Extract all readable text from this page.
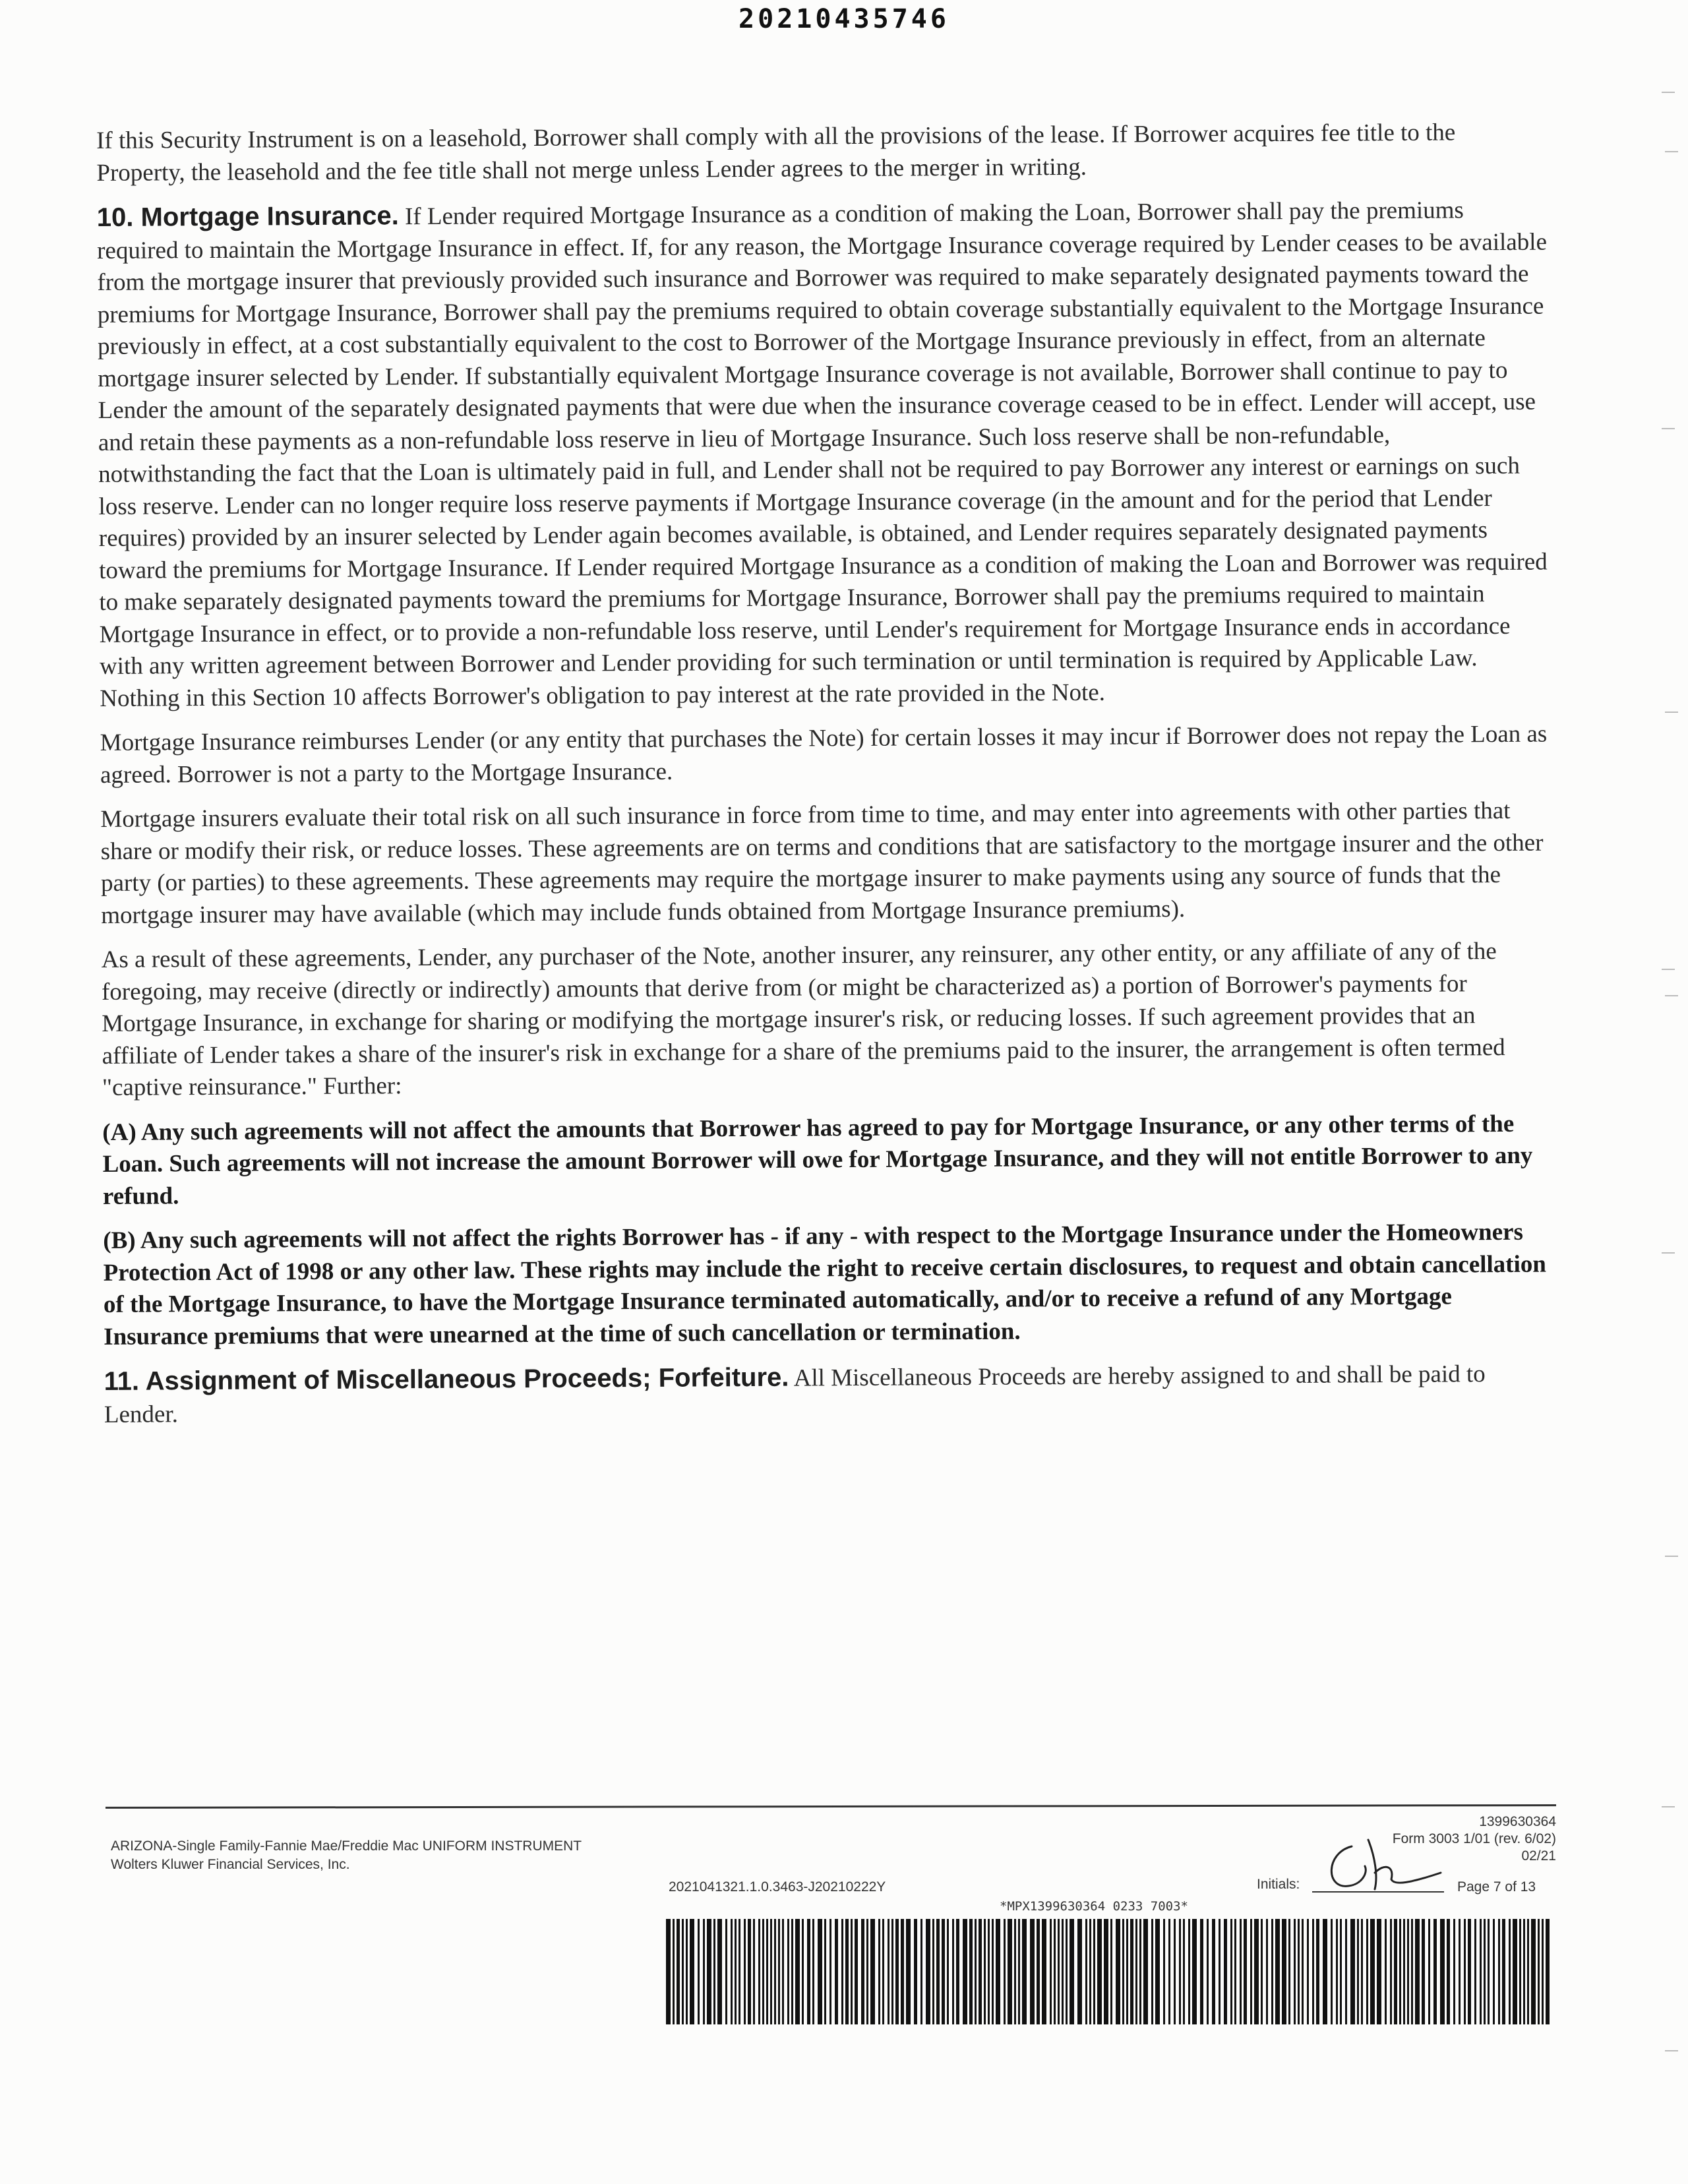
20210435746

If this Security Instrument is on a leasehold, Borrower shall comply with all the provisions of the lease. If Borrower acquires fee title to the Property, the leasehold and the fee title shall not merge unless Lender agrees to the merger in writing.

10. Mortgage Insurance. If Lender required Mortgage Insurance as a condition of making the Loan, Borrower shall pay the premiums required to maintain the Mortgage Insurance in effect. If, for any reason, the Mortgage Insurance coverage required by Lender ceases to be available from the mortgage insurer that previously provided such insurance and Borrower was required to make separately designated payments toward the premiums for Mortgage Insurance, Borrower shall pay the premiums required to obtain coverage substantially equivalent to the Mortgage Insurance previously in effect, at a cost substantially equivalent to the cost to Borrower of the Mortgage Insurance previously in effect, from an alternate mortgage insurer selected by Lender. If substantially equivalent Mortgage Insurance coverage is not available, Borrower shall continue to pay to Lender the amount of the separately designated payments that were due when the insurance coverage ceased to be in effect. Lender will accept, use and retain these payments as a non-refundable loss reserve in lieu of Mortgage Insurance. Such loss reserve shall be non-refundable, notwithstanding the fact that the Loan is ultimately paid in full, and Lender shall not be required to pay Borrower any interest or earnings on such loss reserve. Lender can no longer require loss reserve payments if Mortgage Insurance coverage (in the amount and for the period that Lender requires) provided by an insurer selected by Lender again becomes available, is obtained, and Lender requires separately designated payments toward the premiums for Mortgage Insurance. If Lender required Mortgage Insurance as a condition of making the Loan and Borrower was required to make separately designated payments toward the premiums for Mortgage Insurance, Borrower shall pay the premiums required to maintain Mortgage Insurance in effect, or to provide a non-refundable loss reserve, until Lender's requirement for Mortgage Insurance ends in accordance with any written agreement between Borrower and Lender providing for such termination or until termination is required by Applicable Law. Nothing in this Section 10 affects Borrower's obligation to pay interest at the rate provided in the Note.

Mortgage Insurance reimburses Lender (or any entity that purchases the Note) for certain losses it may incur if Borrower does not repay the Loan as agreed. Borrower is not a party to the Mortgage Insurance.

Mortgage insurers evaluate their total risk on all such insurance in force from time to time, and may enter into agreements with other parties that share or modify their risk, or reduce losses. These agreements are on terms and conditions that are satisfactory to the mortgage insurer and the other party (or parties) to these agreements. These agreements may require the mortgage insurer to make payments using any source of funds that the mortgage insurer may have available (which may include funds obtained from Mortgage Insurance premiums).

As a result of these agreements, Lender, any purchaser of the Note, another insurer, any reinsurer, any other entity, or any affiliate of any of the foregoing, may receive (directly or indirectly) amounts that derive from (or might be characterized as) a portion of Borrower's payments for Mortgage Insurance, in exchange for sharing or modifying the mortgage insurer's risk, or reducing losses. If such agreement provides that an affiliate of Lender takes a share of the insurer's risk in exchange for a share of the premiums paid to the insurer, the arrangement is often termed "captive reinsurance." Further:

(A) Any such agreements will not affect the amounts that Borrower has agreed to pay for Mortgage Insurance, or any other terms of the Loan. Such agreements will not increase the amount Borrower will owe for Mortgage Insurance, and they will not entitle Borrower to any refund.

(B) Any such agreements will not affect the rights Borrower has - if any - with respect to the Mortgage Insurance under the Homeowners Protection Act of 1998 or any other law. These rights may include the right to receive certain disclosures, to request and obtain cancellation of the Mortgage Insurance, to have the Mortgage Insurance terminated automatically, and/or to receive a refund of any Mortgage Insurance premiums that were unearned at the time of such cancellation or termination.

11. Assignment of Miscellaneous Proceeds; Forfeiture. All Miscellaneous Proceeds are hereby assigned to and shall be paid to Lender.

ARIZONA-Single Family-Fannie Mae/Freddie Mac UNIFORM INSTRUMENT
Wolters Kluwer Financial Services, Inc.
2021041321.1.0.3463-J20210222Y
1399630364
Form 3003 1/01 (rev. 6/02)
02/21
Initials:	Page 7 of 13
*MPX1399630364 0233 7003*
